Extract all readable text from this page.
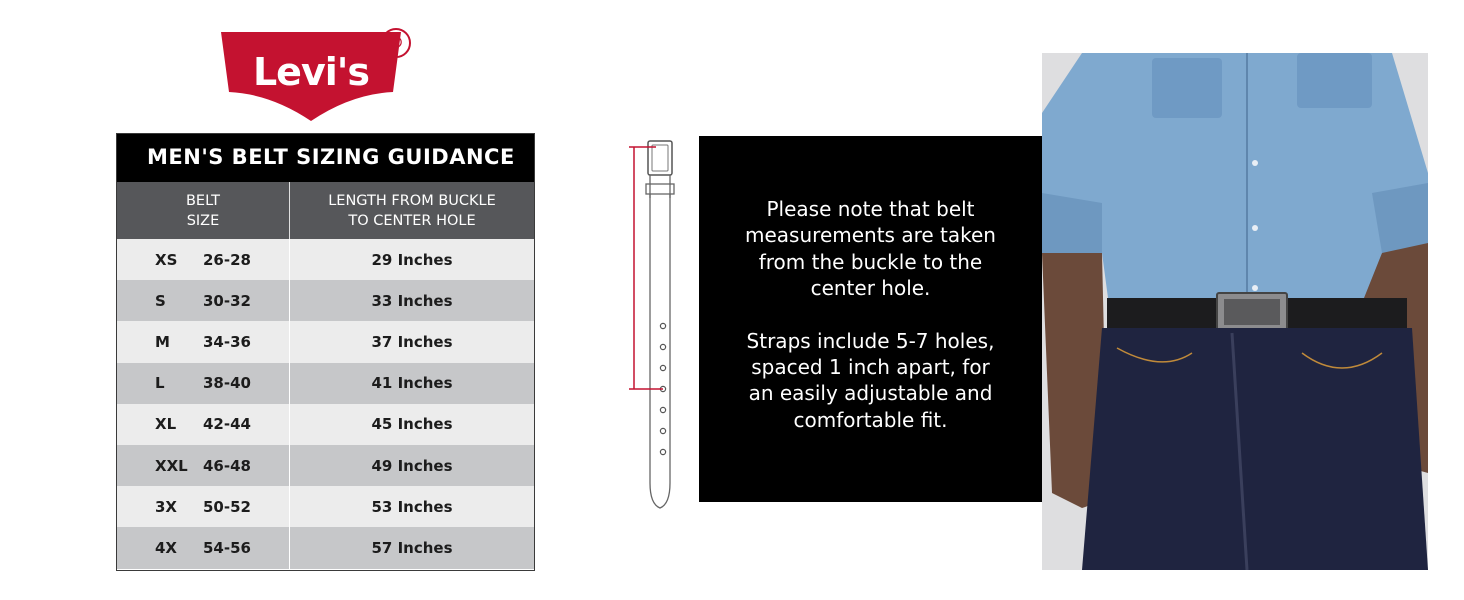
Levi's
®
MEN'S BELT SIZING GUIDANCE
BELT
SIZE
LENGTH FROM BUCKLE
TO CENTER HOLE
XS 26-28	29 Inches
S 30-32	33 Inches
M 34-36	37 Inches
L	38-40	41 Inches
XL 42-44	45 Inches
XXL 46-48	49 Inches
3X 50-52	53 Inches
4X 54-56	57 Inches

Please note that belt measurements are taken from the buckle to the center hole.

Straps include 5-7 holes, spaced 1 inch apart, for an easily adjustable and comfortable fit.
